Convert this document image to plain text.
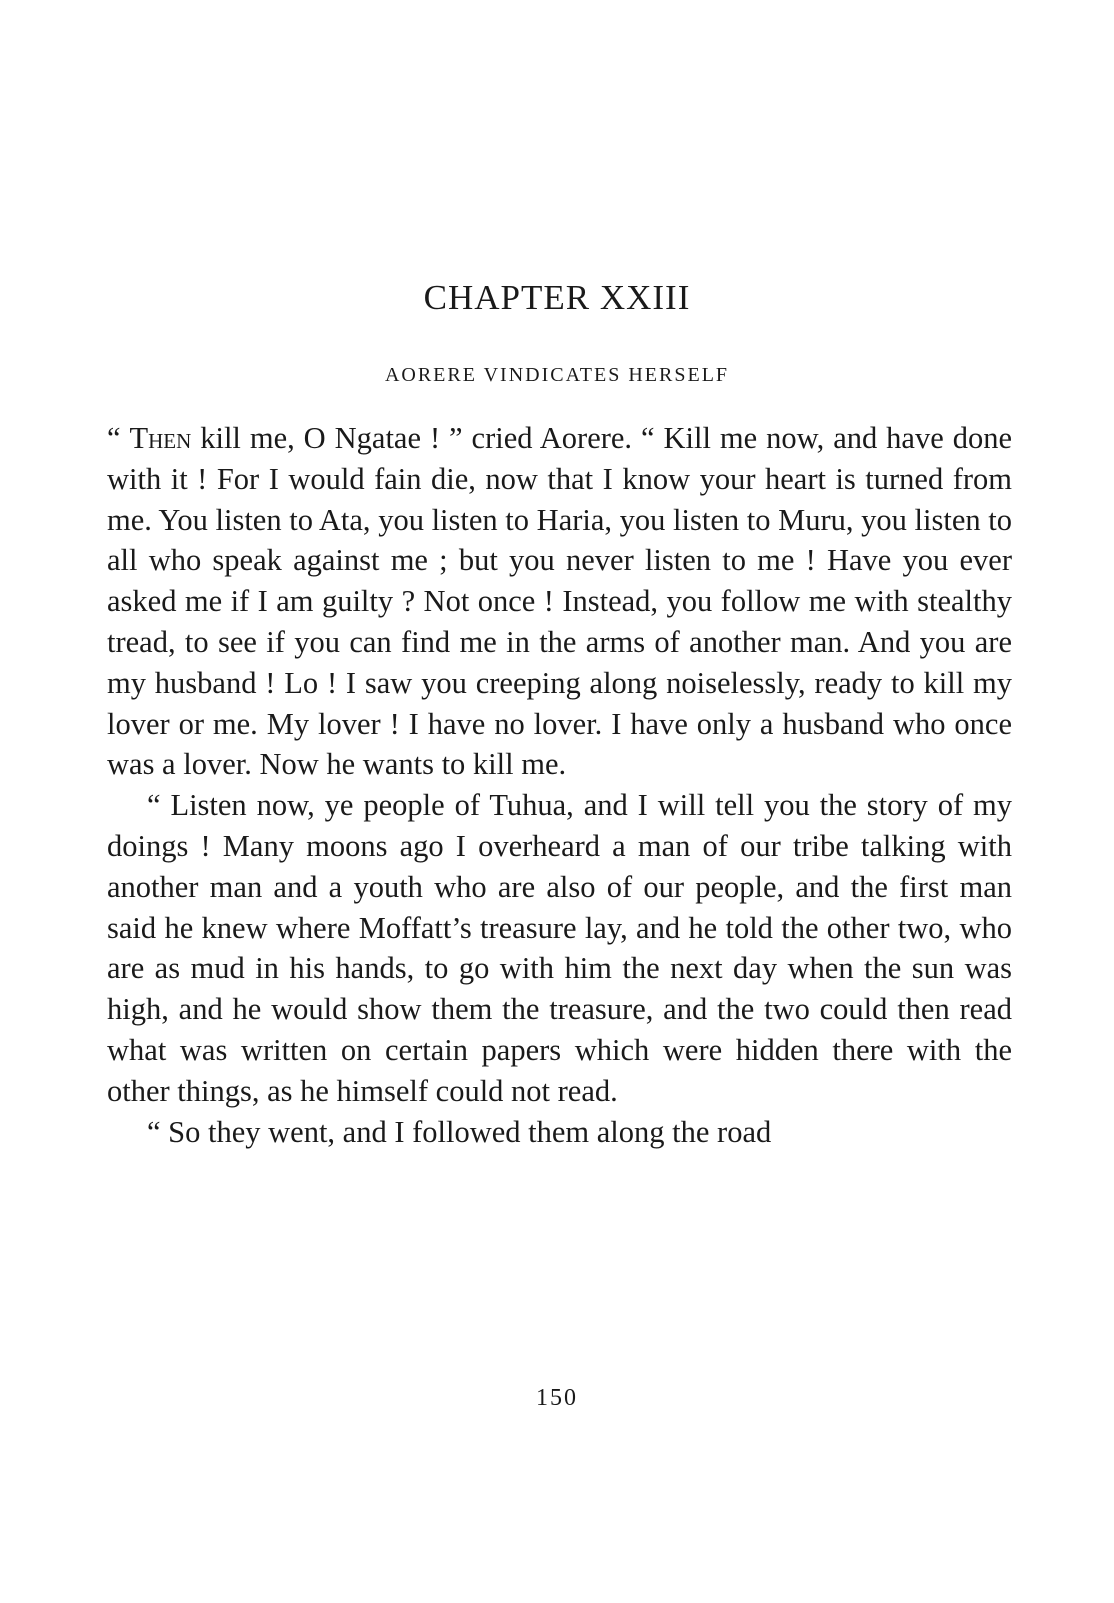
CHAPTER XXIII
AORERE VINDICATES HERSELF

“ Then kill me, O Ngatae ! ” cried Aorere. “ Kill me now, and have done with it ! For I would fain die, now that I know your heart is turned from me. You listen to Ata, you listen to Haria, you listen to Muru, you listen to all who speak against me ; but you never listen to me ! Have you ever asked me if I am guilty ? Not once ! Instead, you follow me with stealthy tread, to see if you can find me in the arms of another man. And you are my husband ! Lo ! I saw you creeping along noiselessly, ready to kill my lover or me. My lover ! I have no lover. I have only a husband who once was a lover. Now he wants to kill me.

“ Listen now, ye people of Tuhua, and I will tell you the story of my doings ! Many moons ago I overheard a man of our tribe talking with another man and a youth who are also of our people, and the first man said he knew where Moffatt’s treasure lay, and he told the other two, who are as mud in his hands, to go with him the next day when the sun was high, and he would show them the treasure, and the two could then read what was written on certain papers which were hidden there with the other things, as he himself could not read.

“ So they went, and I followed them along the road

150
